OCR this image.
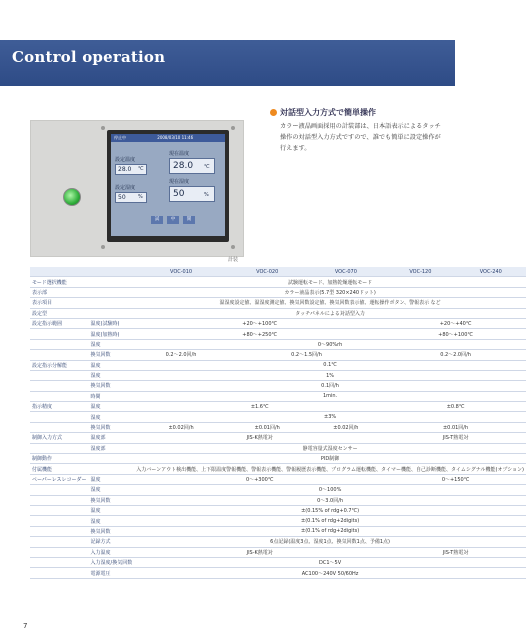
Control operation
停止中	2008/03/10 11:46
設定温度
現在温度
28.0 ℃	28.0 ℃
設定湿度
現在湿度
50 %	50	%
試	中	開
計装
対話型入力方式で簡単操作
カラー液晶画面採用の計装部は、日本語表示によるタッチ操作の対話型入力方式ですので、誰でも簡単に設定操作が行えます。
		VOC-010	VOC-020	VOC-070	VOC-120	VOC-240
モード選択機能		試験運転モード、加熱乾燥運転モード				
表示部		カラー液晶表示(5.7型 320×240ドット)				
表示項目		温湿度設定値、温湿度測定値、換気回数設定値、換気回数表示値、運転操作ボタン、警報表示 など				
設定型		タッチパネルによる対話型入力				
設定指示範囲	温度(試験時)	+20〜+100℃			+20〜+40℃	
	温度(加熱時)	+80〜+250℃			+80〜+100℃	
	湿度	0〜90%rh				
	換気回数	0.2〜2.0回/h	0.2〜1.5回/h		0.2〜2.0回/h	
設定指示分解能	温度	0.1℃				
	湿度	1%				
	換気回数	0.1回/h				
	時間	1min.				
指示精度	温度	±1.6℃			±0.8℃	
	湿度	±3%				
	換気回数	±0.02回/h	±0.01回/h	±0.02回/h	±0.01回/h	
制御入力方式	温度部	JIS-K熱電対			JIS-T熱電対	
	湿度部	静電容量式湿度センサー				
制御動作		PID制御				
付属機能		入力バーンアウト検出機能、上下限温度警報機能、警報表示機能、警報履歴表示機能、プログラム運転機能、タイマー機能、自己診断機能、タイムシグナル機能(オプション)				
ペーパーレスレコーダー	温度	0〜+300℃			0〜+150℃	
	湿度	0〜100%				
	換気回数	0〜3.0回/h				
	温度	±(0.15% of rdg+0.7℃)				
	湿度	±(0.1% of rdg+2digits)				
	換気回数	±(0.1% of rdg+2digits)				
	記録方式	6点記録(温度3点、湿度1点、換気回数1点、予備1点)				
	入力温度	JIS-K熱電対			JIS-T熱電対	
	入力湿度/換気回数	DC1〜5V				
	電源電圧	AC100〜240V 50/60Hz				
7
